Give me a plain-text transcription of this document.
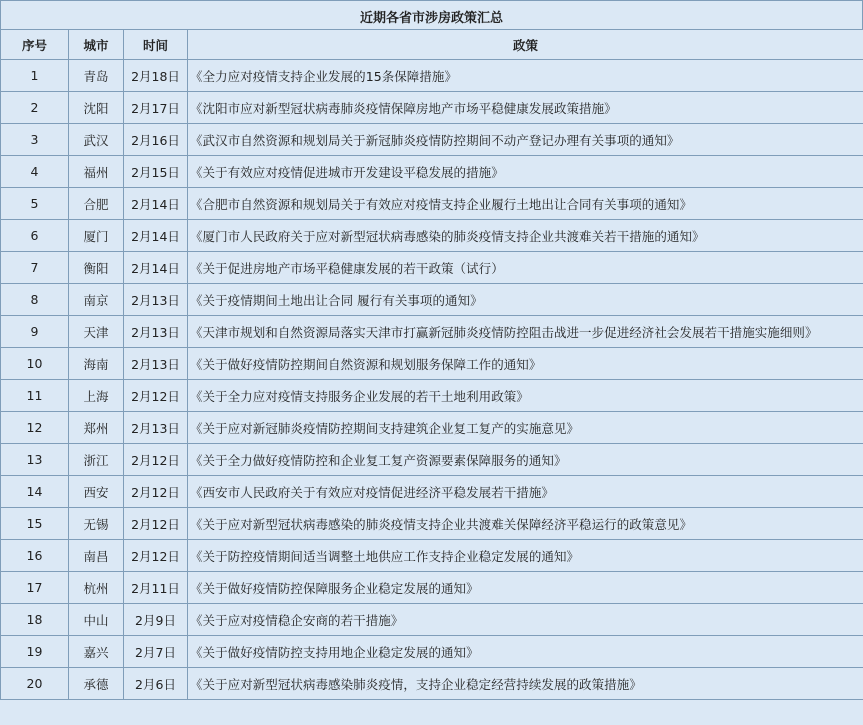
近期各省市涉房政策汇总
序号	城市	时间	政策
1	青岛	2月18日	《全力应对疫情支持企业发展的15条保障措施》
2	沈阳	2月17日	《沈阳市应对新型冠状病毒肺炎疫情保障房地产市场平稳健康发展政策措施》
3	武汉	2月16日	《武汉市自然资源和规划局关于新冠肺炎疫情防控期间不动产登记办理有关事项的通知》
4	福州	2月15日	《关于有效应对疫情促进城市开发建设平稳发展的措施》
5	合肥	2月14日	《合肥市自然资源和规划局关于有效应对疫情支持企业履行土地出让合同有关事项的通知》
6	厦门	2月14日	《厦门市人民政府关于应对新型冠状病毒感染的肺炎疫情支持企业共渡难关若干措施的通知》
7	衡阳	2月14日	《关于促进房地产市场平稳健康发展的若干政策（试行）
8	南京	2月13日	《关于疫情期间土地出让合同 履行有关事项的通知》
9	天津	2月13日	《天津市规划和自然资源局落实天津市打赢新冠肺炎疫情防控阻击战进一步促进经济社会发展若干措施实施细则》
10	海南	2月13日	《关于做好疫情防控期间自然资源和规划服务保障工作的通知》
11	上海	2月12日	《关于全力应对疫情支持服务企业发展的若干土地利用政策》
12	郑州	2月13日	《关于应对新冠肺炎疫情防控期间支持建筑企业复工复产的实施意见》
13	浙江	2月12日	《关于全力做好疫情防控和企业复工复产资源要素保障服务的通知》
14	西安	2月12日	《西安市人民政府关于有效应对疫情促进经济平稳发展若干措施》
15	无锡	2月12日	《关于应对新型冠状病毒感染的肺炎疫情支持企业共渡难关保障经济平稳运行的政策意见》
16	南昌	2月12日	《关于防控疫情期间适当调整土地供应工作支持企业稳定发展的通知》
17	杭州	2月11日	《关于做好疫情防控保障服务企业稳定发展的通知》
18	中山	2月9日	《关于应对疫情稳企安商的若干措施》
19	嘉兴	2月7日	《关于做好疫情防控支持用地企业稳定发展的通知》
20	承德	2月6日	《关于应对新型冠状病毒感染肺炎疫情，支持企业稳定经营持续发展的政策措施》
